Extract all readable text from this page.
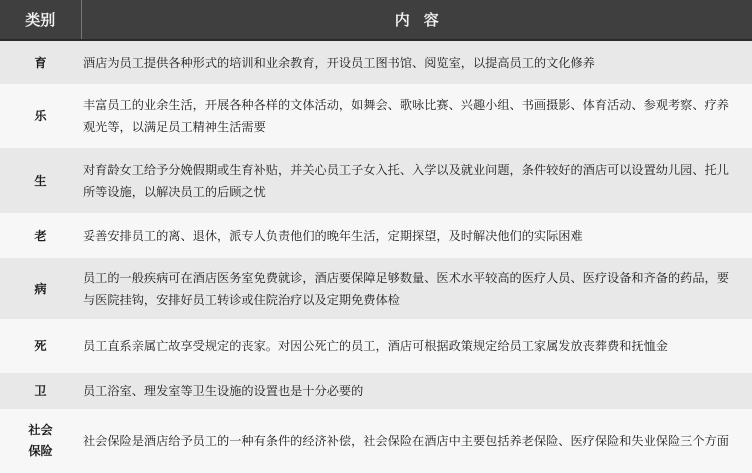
类别	内容
育	酒店为员工提供各种形式的培训和业余教育，开设员工图书馆、阅览室，以提高员工的文化修养

乐	丰富员工的业余生活，开展各种各样的文体活动，如舞会、歌咏比赛、兴趣小组、书画摄影、体育活动、参观考察、疗养观光等，以满足员工精神生活需要

生	对育龄女工给予分娩假期或生育补贴，并关心员工子女入托、入学以及就业问题，条件较好的酒店可以设置幼儿园、托儿所等设施，以解决员工的后顾之忧

老	妥善安排员工的离、退休，派专人负责他们的晚年生活，定期探望，及时解决他们的实际困难

病	员工的一般疾病可在酒店医务室免费就诊，酒店要保障足够数量、医术水平较高的医疗人员、医疗设备和齐备的药品，要与医院挂钩，安排好员工转诊或住院治疗以及定期免费体检

死	员工直系亲属亡故享受规定的丧家。对因公死亡的员工，酒店可根据政策规定给员工家属发放丧葬费和抚恤金

卫	员工浴室、理发室等卫生设施的设置也是十分必要的

社会保险	社会保险是酒店给予员工的一种有条件的经济补偿，社会保险在酒店中主要包括养老保险、医疗保险和失业保险三个方面
